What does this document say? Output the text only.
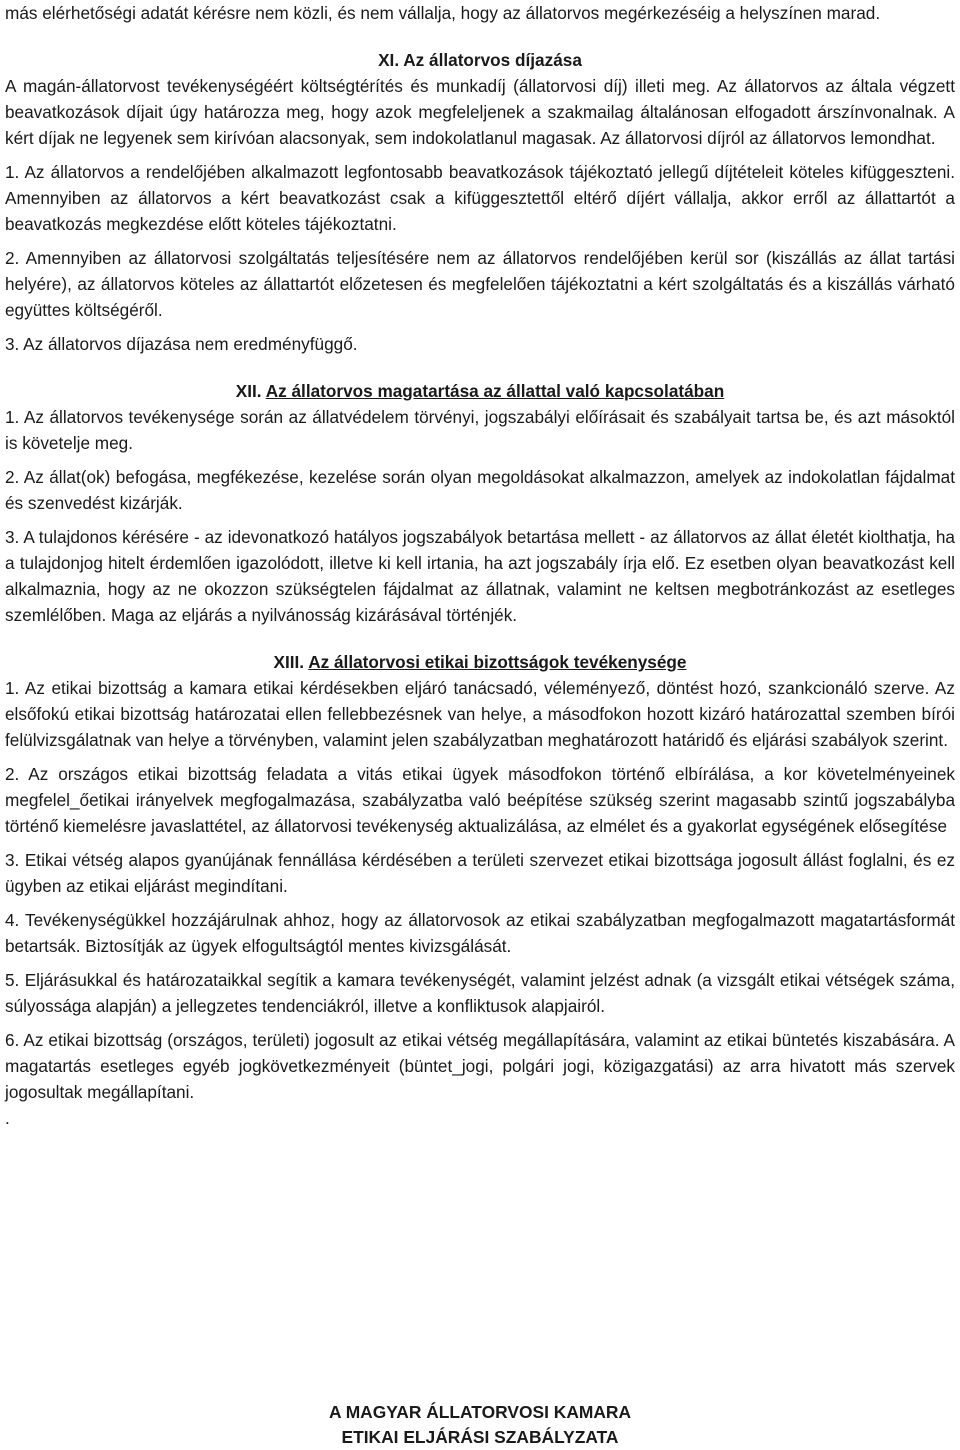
más elérhetőségi adatát kérésre nem közli, és nem vállalja, hogy az állatorvos megérkezéséig a helyszínen marad.

XI. Az állatorvos díjazása

A magán-állatorvost tevékenységéért költségtérítés és munkadíj (állatorvosi díj) illeti meg. Az állatorvos az általa végzett beavatkozások díjait úgy határozza meg, hogy azok megfeleljenek a szakmailag általánosan elfogadott árszínvonalnak. A kért díjak ne legyenek sem kirívóan alacsonyak, sem indokolatlanul magasak. Az állatorvosi díjról az állatorvos lemondhat.

1. Az állatorvos a rendelőjében alkalmazott legfontosabb beavatkozások tájékoztató jellegű díjtételeit köteles kifüggeszteni. Amennyiben az állatorvos a kért beavatkozást csak a kifüggesztettől eltérő díjért vállalja, akkor erről az állattartót a beavatkozás megkezdése előtt köteles tájékoztatni.

2. Amennyiben az állatorvosi szolgáltatás teljesítésére nem az állatorvos rendelőjében kerül sor (kiszállás az állat tartási helyére), az állatorvos köteles az állattartót előzetesen és megfelelően tájékoztatni a kért szolgáltatás és a kiszállás várható együttes költségéről.

3. Az állatorvos díjazása nem eredményfüggő.

XII. Az állatorvos magatartása az állattal való kapcsolatában

1. Az állatorvos tevékenysége során az állatvédelem törvényi, jogszabályi előírásait és szabályait tartsa be, és azt másoktól is követelje meg.

2. Az állat(ok) befogása, megfékezése, kezelése során olyan megoldásokat alkalmazzon, amelyek az indokolatlan fájdalmat és szenvedést kizárják.

3. A tulajdonos kérésére - az idevonatkozó hatályos jogszabályok betartása mellett - az állatorvos az állat életét kiolthatja, ha a tulajdonjog hitelt érdemlően igazolódott, illetve ki kell irtania, ha azt jogszabály írja elő. Ez esetben olyan beavatkozást kell alkalmaznia, hogy az ne okozzon szükségtelen fájdalmat az állatnak, valamint ne keltsen megbotránkozást az esetleges szemlélőben. Maga az eljárás a nyilvánosság kizárásával történjék.

XIII. Az állatorvosi etikai bizottságok tevékenysége

1. Az etikai bizottság a kamara etikai kérdésekben eljáró tanácsadó, véleményező, döntést hozó, szankcionáló szerve. Az elsőfokú etikai bizottság határozatai ellen fellebbezésnek van helye, a másodfokon hozott kizáró határozattal szemben bírói felülvizsgálatnak van helye a törvényben, valamint jelen szabályzatban meghatározott határidő és eljárási szabályok szerint.

2. Az országos etikai bizottság feladata a vitás etikai ügyek másodfokon történő elbírálása, a kor követelményeinek megfelel_őetikai irányelvek megfogalmazása, szabályzatba való beépítése szükség szerint magasabb szintű jogszabályba történő kiemelésre javaslattétel, az állatorvosi tevékenység aktualizálása, az elmélet és a gyakorlat egységének elősegítése

3. Etikai vétség alapos gyanújának fennállása kérdésében a területi szervezet etikai bizottsága jogosult állást foglalni, és ez ügyben az etikai eljárást megindítani.

4. Tevékenységükkel hozzájárulnak ahhoz, hogy az állatorvosok az etikai szabályzatban megfogalmazott magatartásformát betartsák. Biztosítják az ügyek elfogultságtól mentes kivizsgálását.

5. Eljárásukkal és határozataikkal segítik a kamara tevékenységét, valamint jelzést adnak (a vizsgált etikai vétségek száma, súlyossága alapján) a jellegzetes tendenciákról, illetve a konfliktusok alapjairól.

6. Az etikai bizottság (országos, területi) jogosult az etikai vétség megállapítására, valamint az etikai büntetés kiszabására. A magatartás esetleges egyéb jogkövetkezményeit (büntet_jogi, polgári jogi, közigazgatási) az arra hivatott más szervek jogosultak megállapítani.

.

A MAGYAR ÁLLATORVOSI KAMARA
ETIKAI ELJÁRÁSI SZABÁLYZATA
